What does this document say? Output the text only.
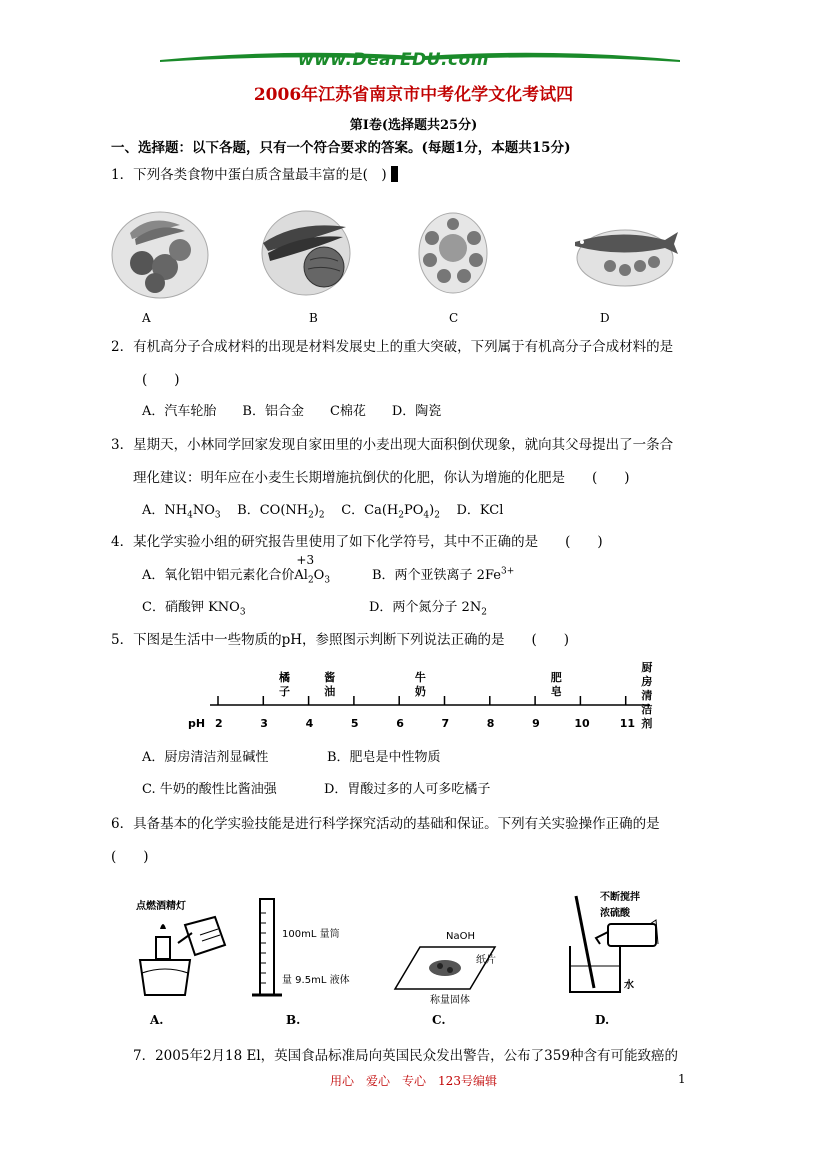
www.DearEDU.com
2006年江苏省南京市中考化学文化考试四
第Ⅰ卷(选择题共25分)
一、选择题：以下各题，只有一个符合要求的答案。(每题1分，本题共15分)
1．下列各类食物中蛋白质含量最丰富的是(　)
A	B	C	D
2．有机高分子合成材料的出现是材料发展史上的重大突破，下列属于有机高分子合成材料的是
(　　)
A．汽车轮胎　　B．铝合金　　C棉花　　D．陶瓷
3．星期天，小林同学回家发现自家田里的小麦出现大面积倒伏现象，就向其父母提出了一条合
理化建议：明年应在小麦生长期增施抗倒伏的化肥，你认为增施的化肥是　　(　　)
A．$NH_4NO_3$ B．$CO(NH_2)_2$ C．$Ca(H_2PO_4)_2$ D．KCl
4．某化学实验小组的研究报告里使用了如下化学符号，其中不正确的是　　(　　)
A．氧化铝中铝元素化合价
+3
$Al_2O_3$	B．两个亚铁离子 $2Fe^{3+}$
C．硝酸钾 $KNO_3$	D．两个氮分子 $2N_2$
5．下图是生活中一些物质的pH，参照图示判断下列说法正确的是　　(　　)
pH 2	3	4	5	6	7	8	9	10	11
橘
子
酱
油
牛
奶
肥
皂
厨
房
清
洁
剂
A．厨房清洁剂显碱性	B．肥皂是中性物质
C. 牛奶的酸性比酱油强	D．胃酸过多的人可多吃橘子
6．具备基本的化学实验技能是进行科学探究活动的基础和保证。下列有关实验操作正确的是
(　　)
点燃酒精灯
100mL 量筒
量 9.5mL 液体
NaOH
纸片
称量固体
不断搅拌
浓硫酸
水
A.	B.	C.	D.
7．2005年2月18 El，英国食品标准局向英国民众发出警告，公布了359种含有可能致癌的
用心　爱心　专心　123号编辑	1
